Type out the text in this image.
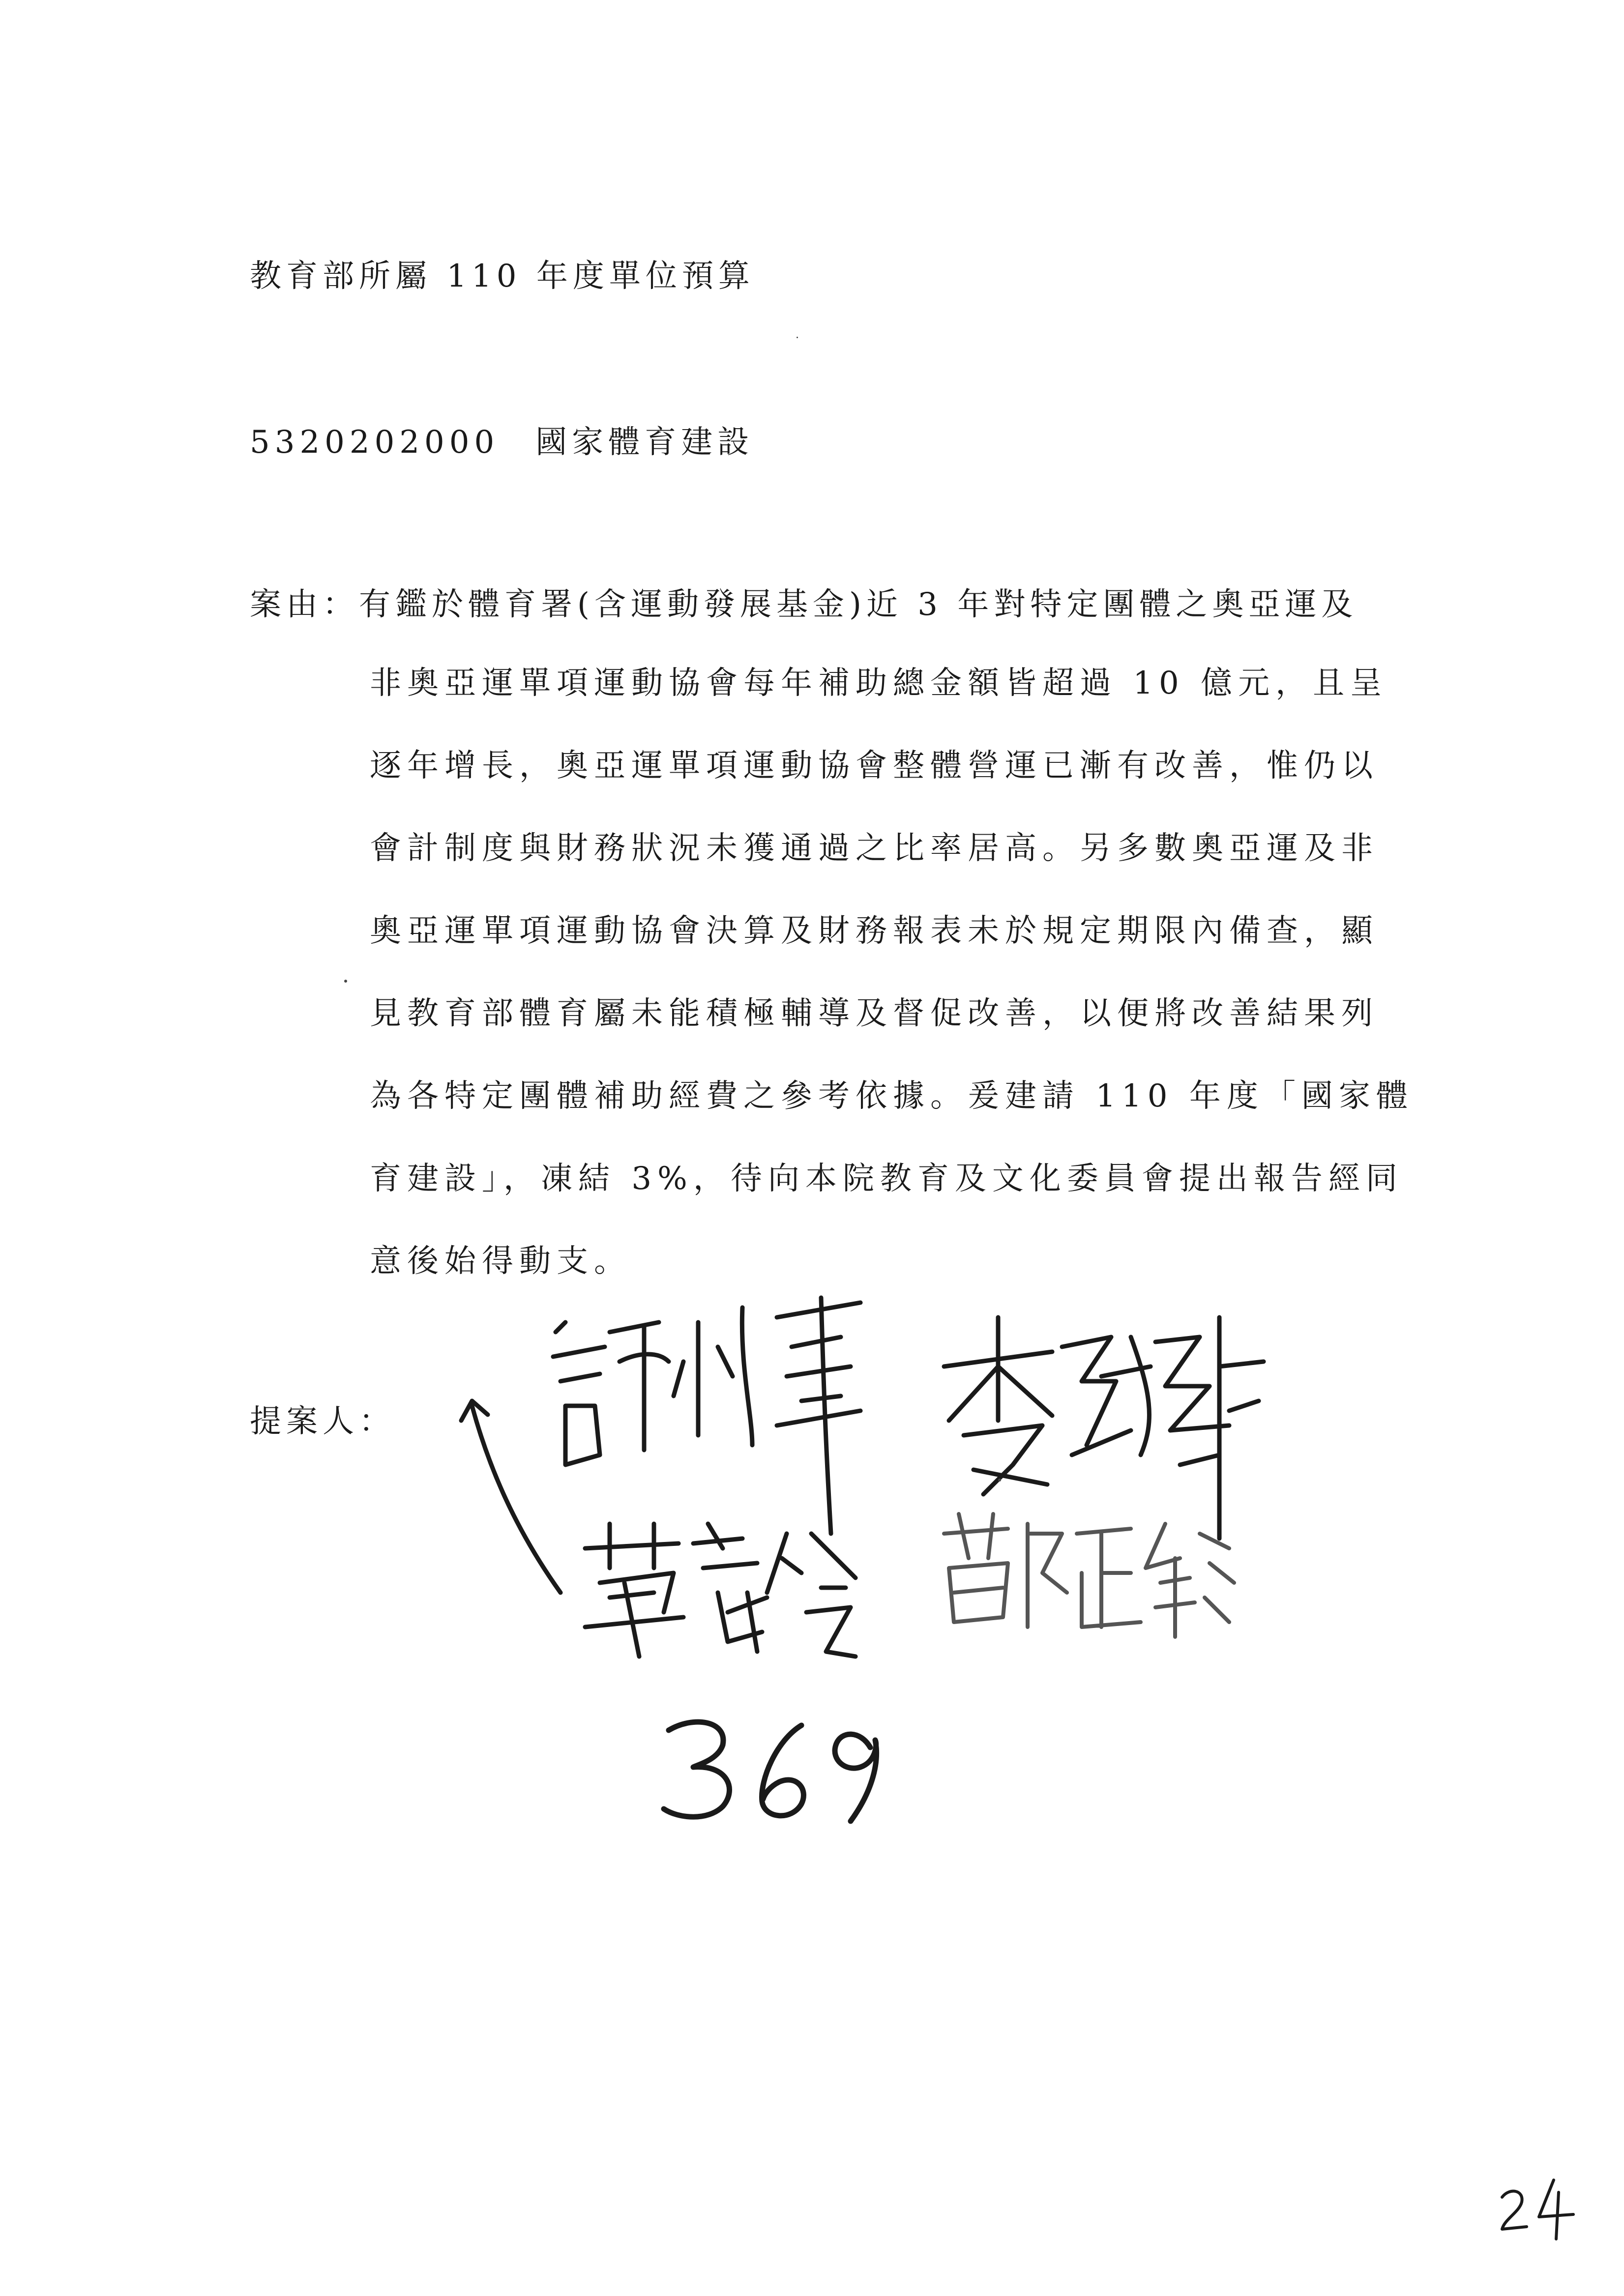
教育部所屬 110 年度單位預算
5320202000　國家體育建設
案由：有鑑於體育署(含運動發展基金)近 3 年對特定團體之奧亞運及
非奧亞運單項運動協會每年補助總金額皆超過 10 億元，且呈
逐年增長，奧亞運單項運動協會整體營運已漸有改善，惟仍以
會計制度與財務狀況未獲通過之比率居高。另多數奧亞運及非
奧亞運單項運動協會決算及財務報表未於規定期限內備查，顯
見教育部體育屬未能積極輔導及督促改善，以便將改善結果列
為各特定團體補助經費之參考依據。爰建請 110 年度「國家體
育建設」，凍結 3%，待向本院教育及文化委員會提出報告經同
意後始得動支。
提案人：
